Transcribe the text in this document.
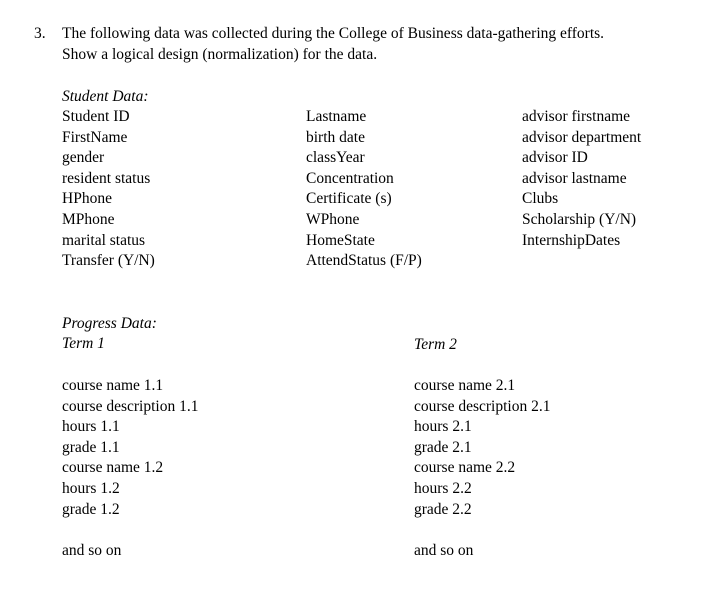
3. The following data was collected during the College of Business data-gathering efforts.
Show a logical design (normalization) for the data.
Student Data:
Student ID
FirstName
gender
resident status
HPhone
MPhone
marital status
Transfer (Y/N)
Lastname
birth date
classYear
Concentration
Certificate (s)
WPhone
HomeState
AttendStatus (F/P)
advisor firstname
advisor department
advisor ID
advisor lastname
Clubs
Scholarship (Y/N)
InternshipDates
Progress Data:
Term 1	Term 2
course name 1.1
course description 1.1
hours 1.1
grade 1.1
course name 1.2
hours 1.2
grade 1.2
course name 2.1
course description 2.1
hours 2.1
grade 2.1
course name 2.2
hours 2.2
grade 2.2
and so on	and so on
